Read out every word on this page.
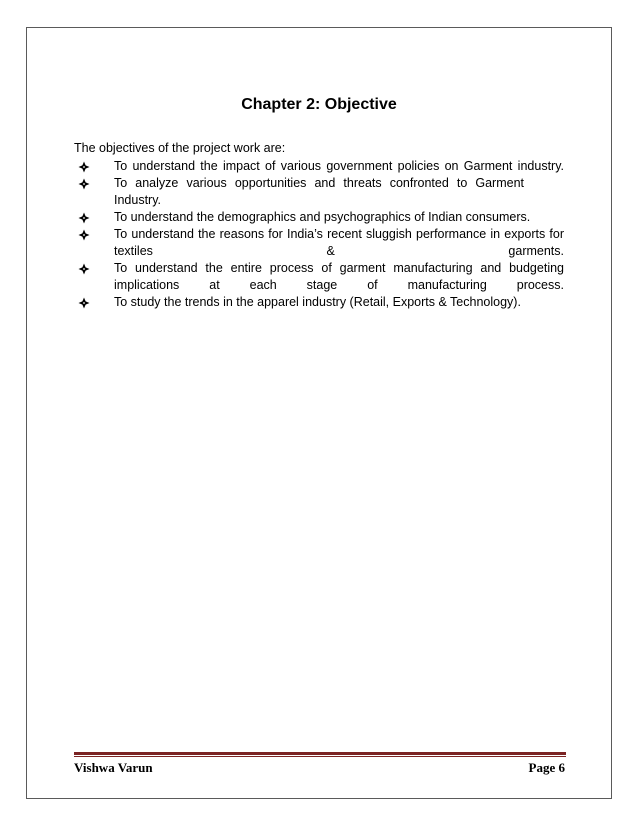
Chapter 2: Objective
The objectives of the project work are:
To understand the impact of various government policies on Garment industry.
To analyze various opportunities and threats confronted to Garment Industry.
To understand the demographics and psychographics of Indian consumers.
To understand the reasons for India’s recent sluggish performance in exports for textiles & garments.
To understand the entire process of garment manufacturing and budgeting implications at each stage of manufacturing process.
To study the trends in the apparel industry (Retail, Exports & Technology).
Vishwa Varun	Page 6
